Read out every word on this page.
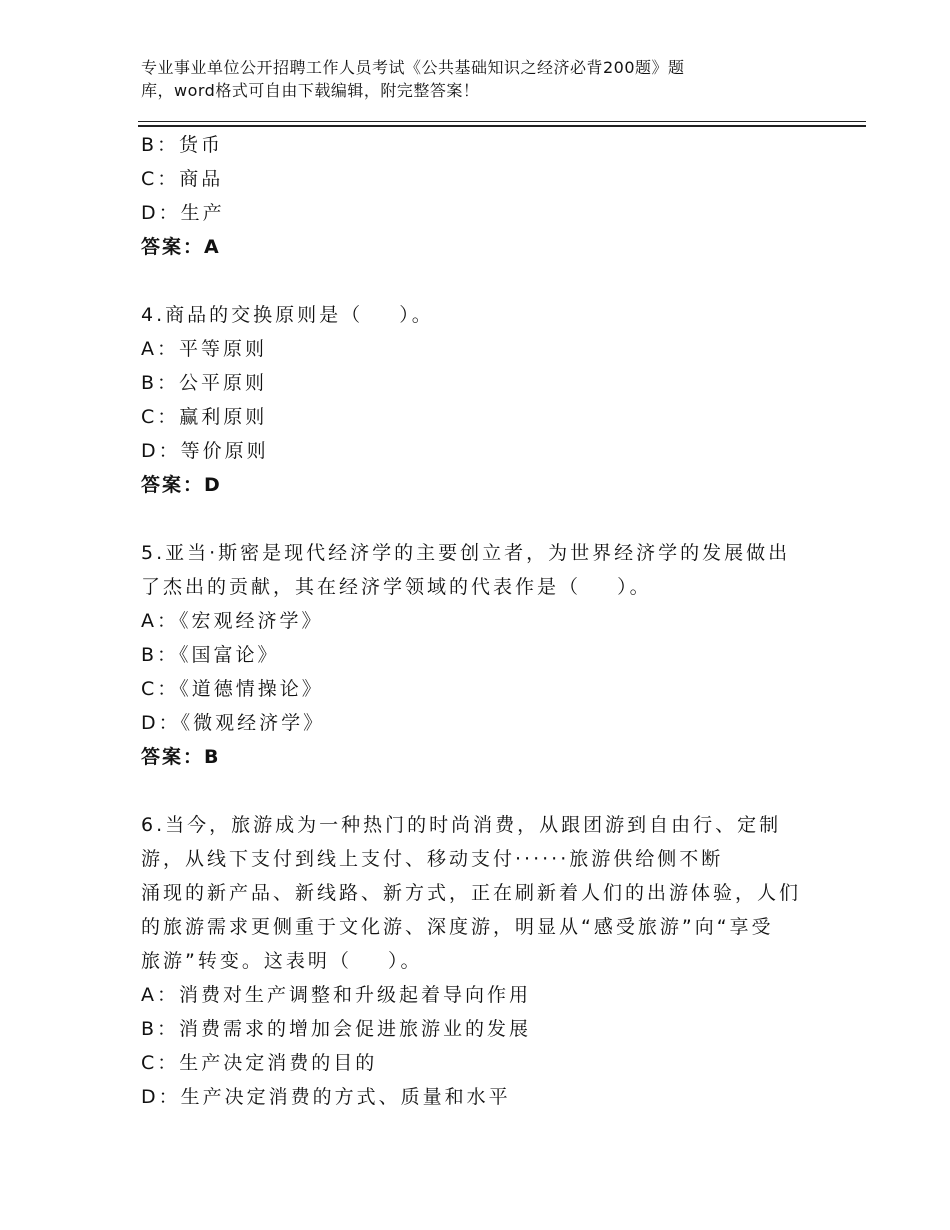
专业事业单位公开招聘工作人员考试《公共基础知识之经济必背200题》题
库，word格式可自由下载编辑，附完整答案！
B：货币
C：商品
D：生产
答案：A
4.商品的交换原则是（    ）。
A：平等原则
B：公平原则
C：赢利原则
D：等价原则
答案：D
5.亚当·斯密是现代经济学的主要创立者，为世界经济学的发展做出
了杰出的贡献，其在经济学领域的代表作是（    ）。
A：《宏观经济学》
B：《国富论》
C：《道德情操论》
D：《微观经济学》
答案：B
6.当今，旅游成为一种热门的时尚消费，从跟团游到自由行、定制
游，从线下支付到线上支付、移动支付······旅游供给侧不断
涌现的新产品、新线路、新方式，正在刷新着人们的出游体验，人们
的旅游需求更侧重于文化游、深度游，明显从“感受旅游”向“享受
旅游”转变。这表明（    ）。
A：消费对生产调整和升级起着导向作用
B：消费需求的增加会促进旅游业的发展
C：生产决定消费的目的
D：生产决定消费的方式、质量和水平
